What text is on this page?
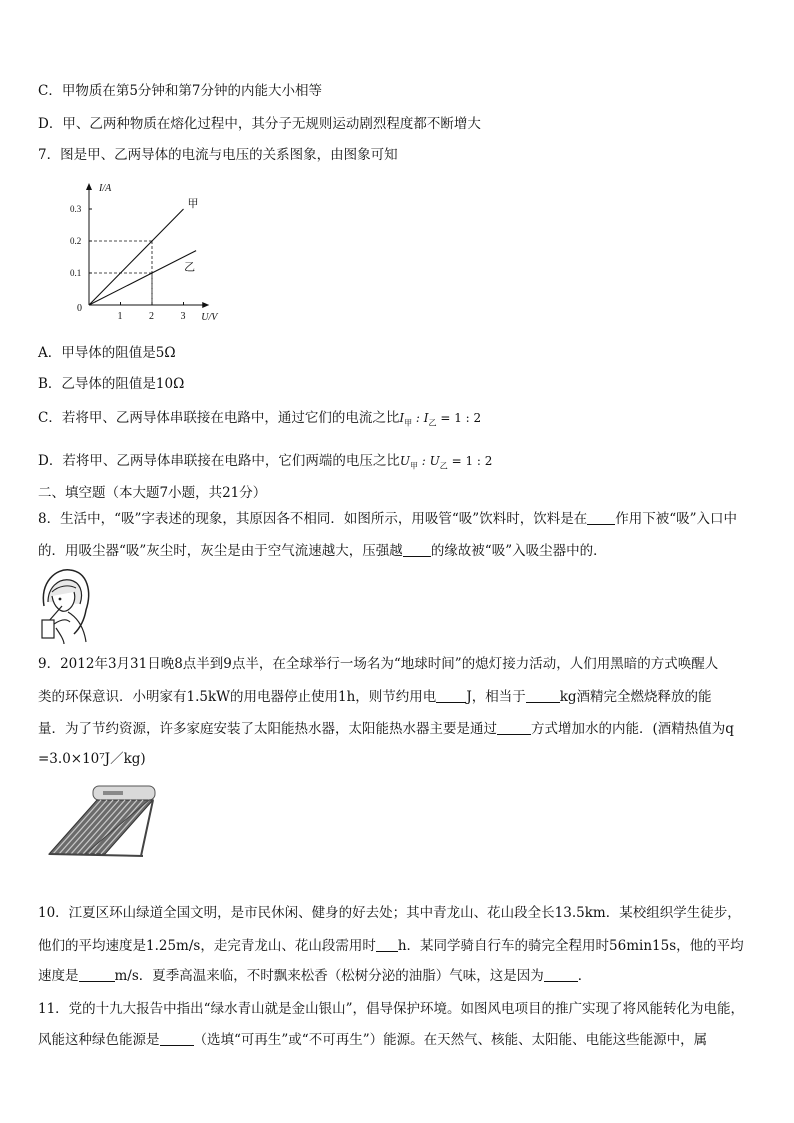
C．甲物质在第5分钟和第7分钟的内能大小相等
D．甲、乙两种物质在熔化过程中，其分子无规则运动剧烈程度都不断增大
7．图是甲、乙两导体的电流与电压的关系图象，由图象可知
I/A
U/V
0
1	2	3
0.1
0.2
0.3	甲
乙
A．甲导体的阻值是5Ω
B．乙导体的阻值是10Ω
C．若将甲、乙两导体串联接在电路中，通过它们的电流之比$I_甲$ : $I_乙 = 1$ : 2
D．若将甲、乙两导体串联接在电路中，它们两端的电压之比$U_甲$ : $U_乙 = 1$ : 2
二、填空题（本大题7小题，共21分）
8．生活中，“吸”字表述的现象，其原因各不相同．如图所示，用吸管“吸”饮料时，饮料是在 作用下被“吸”入口中
的．用吸尘器“吸”灰尘时，灰尘是由于空气流速越大，压强越 的缘故被“吸”入吸尘器中的．
9．2012年3月31日晚8点半到9点半，在全球举行一场名为“地球时间”的熄灯接力活动，人们用黑暗的方式唤醒人
类的环保意识．小明家有1.5kW的用电器停止使用1h，则节约用电 J，相当于	kg酒精完全燃烧释放的能
量．为了节约资源，许多家庭安装了太阳能热水器，太阳能热水器主要是通过	方式增加水的内能．(酒精热值为q
=3.0×10⁷J／kg)
10．江夏区环山绿道全国文明，是市民休闲、健身的好去处；其中青龙山、花山段全长13.5km．某校组织学生徒步，
他们的平均速度是1.25m/s，走完青龙山、花山段需用时 h．某同学骑自行车的骑完全程用时56min15s，他的平均
速度是	m/s．夏季高温来临，不时飘来松香（松树分泌的油脂）气味，这是因为	．
11．党的十九大报告中指出“绿水青山就是金山银山”，倡导保护环境。如图风电项目的推广实现了将风能转化为电能，
风能这种绿色能源是	（选填“可再生”或“不可再生”）能源。在天然气、核能、太阳能、电能这些能源中，属
